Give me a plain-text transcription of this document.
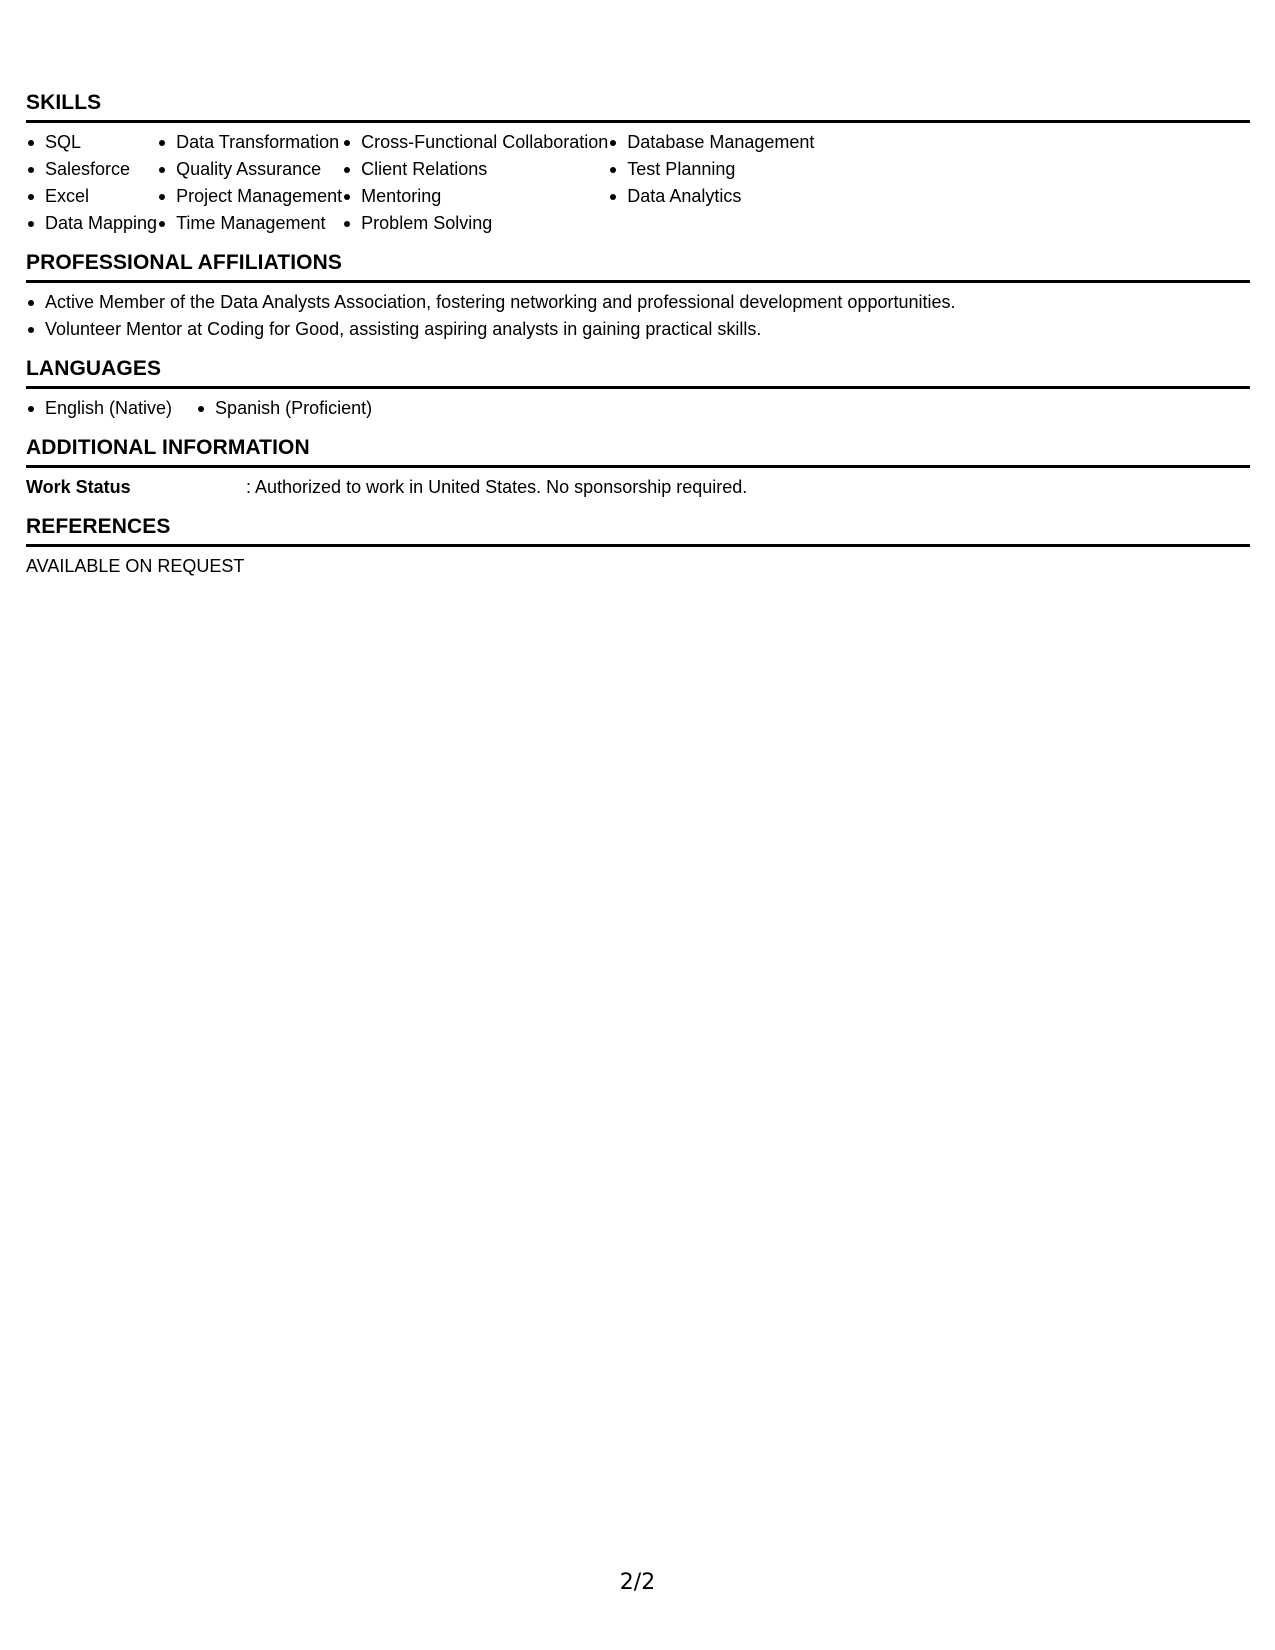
SKILLS
SQL
Salesforce
Excel
Data Mapping
Data Transformation
Quality Assurance
Project Management
Time Management
Cross-Functional Collaboration
Client Relations
Mentoring
Problem Solving
Database Management
Test Planning
Data Analytics
PROFESSIONAL AFFILIATIONS
Active Member of the Data Analysts Association, fostering networking and professional development opportunities.
Volunteer Mentor at Coding for Good, assisting aspiring analysts in gaining practical skills.
LANGUAGES
English (Native)	Spanish (Proficient)
ADDITIONAL INFORMATION
Work Status	: Authorized to work in United States. No sponsorship required.
REFERENCES
AVAILABLE ON REQUEST
2/2
